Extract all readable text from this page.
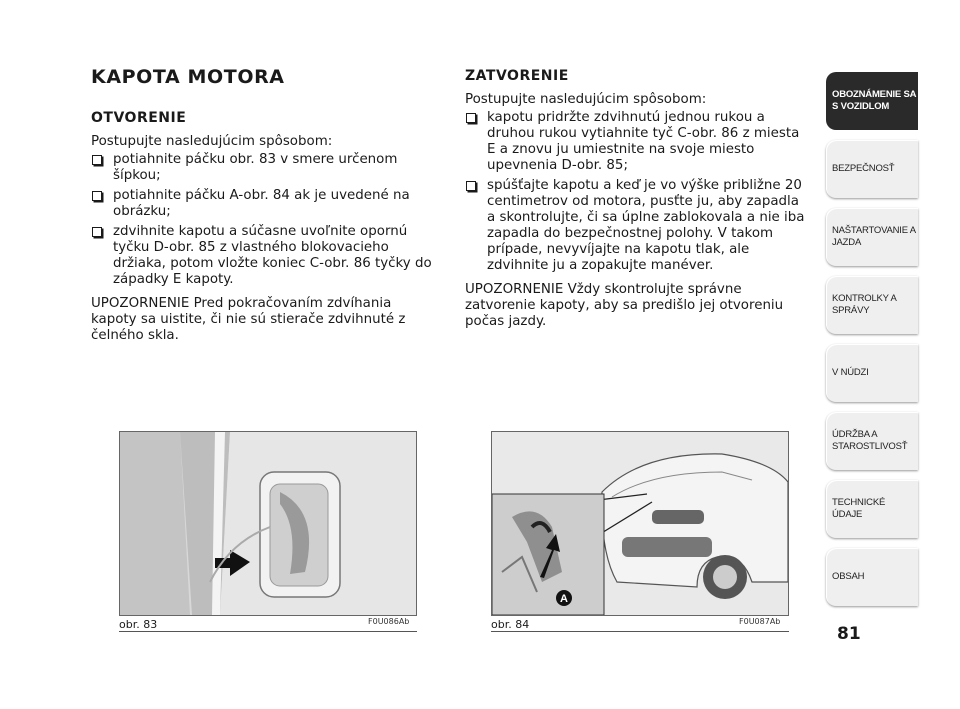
KAPOTA MOTORA
OTVORENIE

Postupujte nasledujúcim spôsobom:

potiahnite páčku obr. 83 v smere určenom šípkou;
potiahnite páčku A-obr. 84 ak je uvedené na obrázku;
zdvihnite kapotu a súčasne uvoľnite opornú tyčku D-obr. 85 z vlastného blokovacieho držiaka, potom vložte koniec C-obr. 86 tyčky do západky E kapoty.

UPOZORNENIE Pred pokračovaním zdvíhania kapoty sa uistite, či nie sú stierače zdvihnuté z čelného skla.

ZATVORENIE

Postupujte nasledujúcim spôsobom:

kapotu pridržte zdvihnutú jednou rukou a druhou rukou vytiahnite tyč C-obr. 86 z miesta E a znovu ju umiestnite na svoje miesto upevnenia D-obr. 85;
spúšťajte kapotu a keď je vo výške približne 20 centimetrov od motora, pusťte ju, aby zapadla a skontrolujte, či sa úplne zablokovala a nie iba zapadla do bezpečnostnej polohy. V takom prípade, nevyvíjajte na kapotu tlak, ale zdvihnite ju a zopakujte manéver.

UPOZORNENIE Vždy skontrolujte správne zatvorenie kapoty, aby sa predišlo jej otvoreniu počas jazdy.

obr. 83	F0U086Ab
A
obr. 84	F0U087Ab
OBOZNÁMENIE SA S VOZIDLOM
BEZPEČNOSŤ
NAŠTARTOVANIE A JAZDA
KONTROLKY A SPRÁVY
V NÚDZI
ÚDRŽBA A STAROSTLIVOSŤ
TECHNICKÉ ÚDAJE
OBSAH

81
